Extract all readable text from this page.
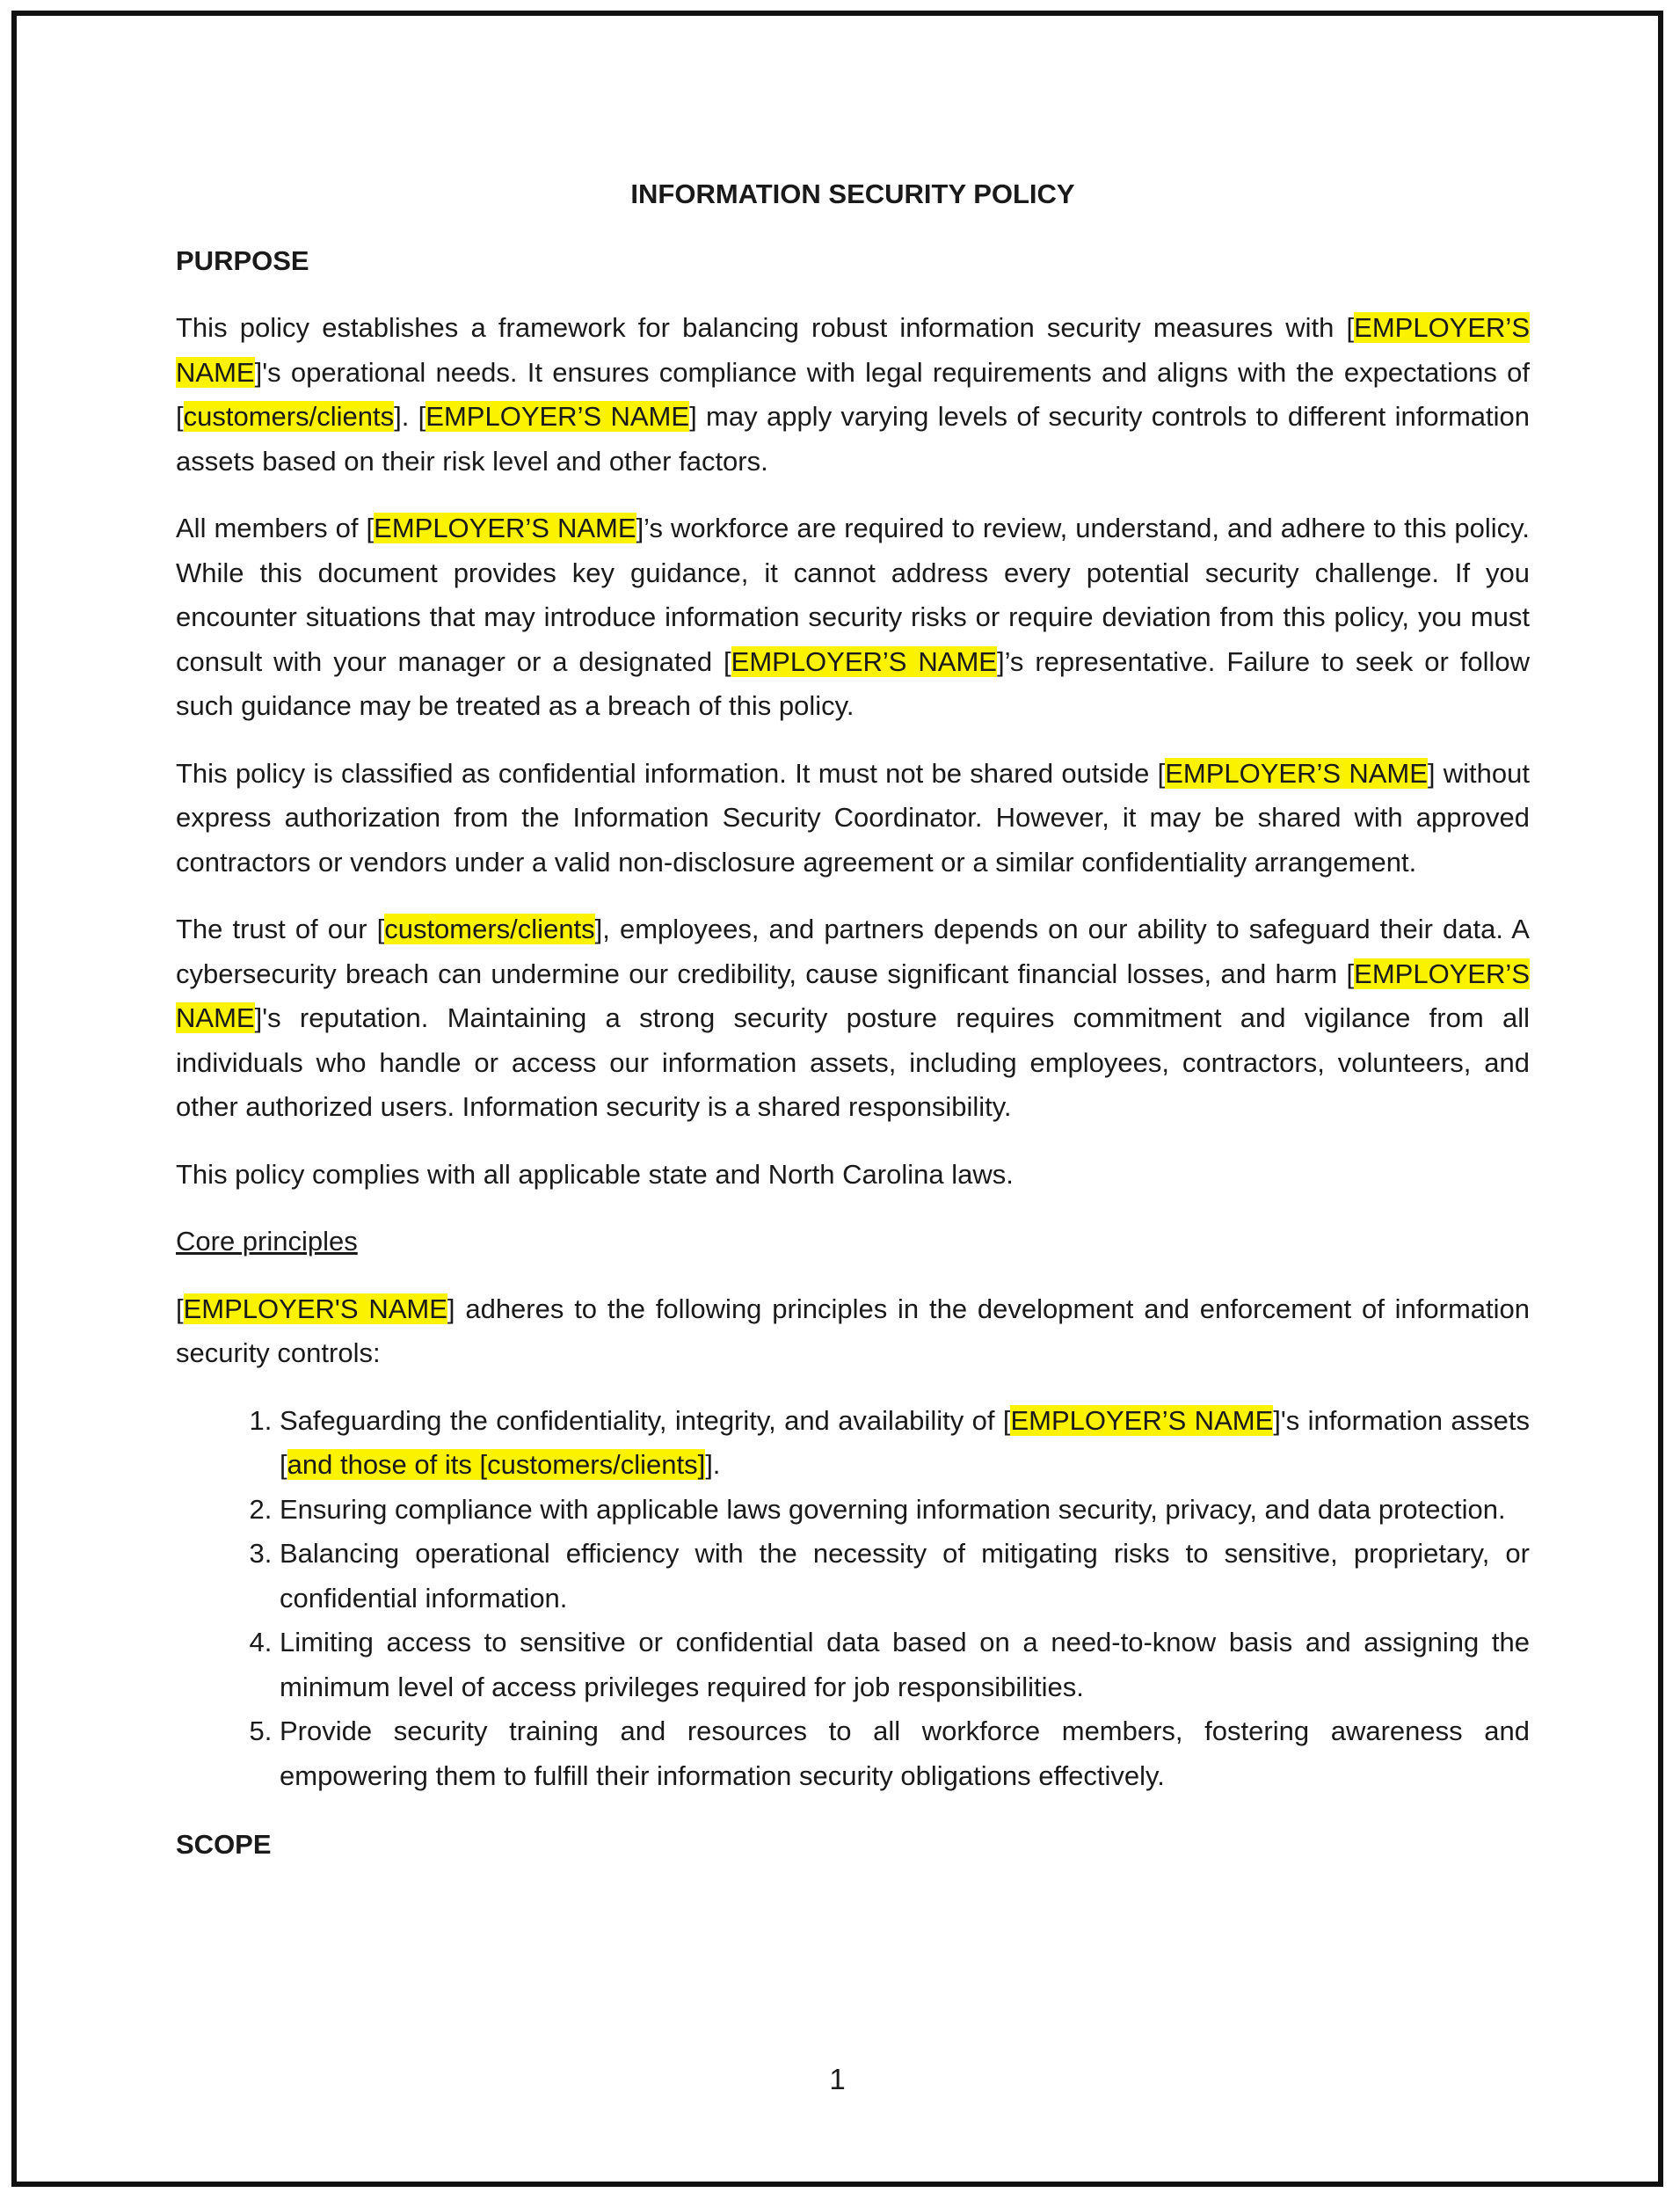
INFORMATION SECURITY POLICY
PURPOSE

This policy establishes a framework for balancing robust information security measures with [EMPLOYER’S NAME]'s operational needs. It ensures compliance with legal requirements and aligns with the expectations of [customers/clients]. [EMPLOYER’S NAME] may apply varying levels of security controls to different information assets based on their risk level and other factors.

All members of [EMPLOYER’S NAME]’s workforce are required to review, understand, and adhere to this policy. While this document provides key guidance, it cannot address every potential security challenge. If you encounter situations that may introduce information security risks or require deviation from this policy, you must consult with your manager or a designated [EMPLOYER’S NAME]’s representative. Failure to seek or follow such guidance may be treated as a breach of this policy.

This policy is classified as confidential information. It must not be shared outside [EMPLOYER’S NAME] without express authorization from the Information Security Coordinator. However, it may be shared with approved contractors or vendors under a valid non-disclosure agreement or a similar confidentiality arrangement.

The trust of our [customers/clients], employees, and partners depends on our ability to safeguard their data. A cybersecurity breach can undermine our credibility, cause significant financial losses, and harm [EMPLOYER’S NAME]'s reputation. Maintaining a strong security posture requires commitment and vigilance from all individuals who handle or access our information assets, including employees, contractors, volunteers, and other authorized users. Information security is a shared responsibility.

This policy complies with all applicable state and North Carolina laws.

Core principles

[EMPLOYER'S NAME] adheres to the following principles in the development and enforcement of information security controls:

1. Safeguarding the confidentiality, integrity, and availability of [EMPLOYER’S NAME]'s information assets [and those of its [customers/clients]].
2. Ensuring compliance with applicable laws governing information security, privacy, and data protection.
3. Balancing operational efficiency with the necessity of mitigating risks to sensitive, proprietary, or confidential information.
4. Limiting access to sensitive or confidential data based on a need-to-know basis and assigning the minimum level of access privileges required for job responsibilities.
5. Provide security training and resources to all workforce members, fostering awareness and empowering them to fulfill their information security obligations effectively.
SCOPE
1
